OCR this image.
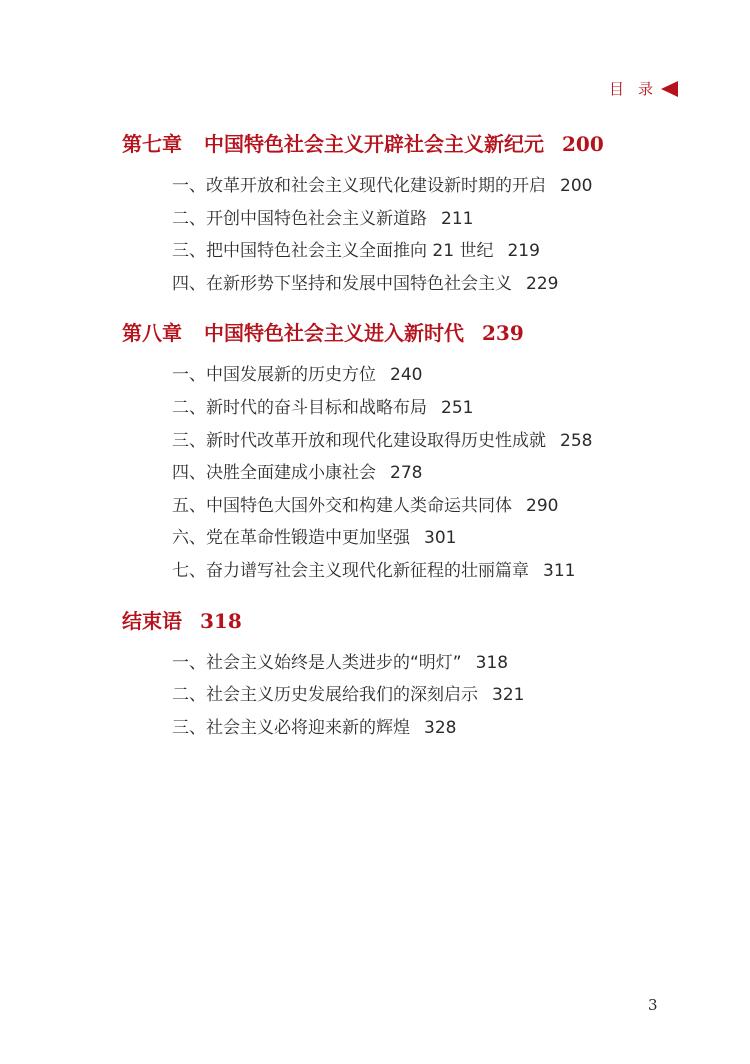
目 录
第七章 中国特色社会主义开辟社会主义新纪元 200
一、改革开放和社会主义现代化建设新时期的开启 200
二、开创中国特色社会主义新道路 211
三、把中国特色社会主义全面推向 21 世纪 219
四、在新形势下坚持和发展中国特色社会主义 229
第八章 中国特色社会主义进入新时代 239
一、中国发展新的历史方位 240
二、新时代的奋斗目标和战略布局 251
三、新时代改革开放和现代化建设取得历史性成就 258
四、决胜全面建成小康社会 278
五、中国特色大国外交和构建人类命运共同体 290
六、党在革命性锻造中更加坚强 301
七、奋力谱写社会主义现代化新征程的壮丽篇章 311
结束语 318
一、社会主义始终是人类进步的“明灯” 318
二、社会主义历史发展给我们的深刻启示 321
三、社会主义必将迎来新的辉煌 328
3
